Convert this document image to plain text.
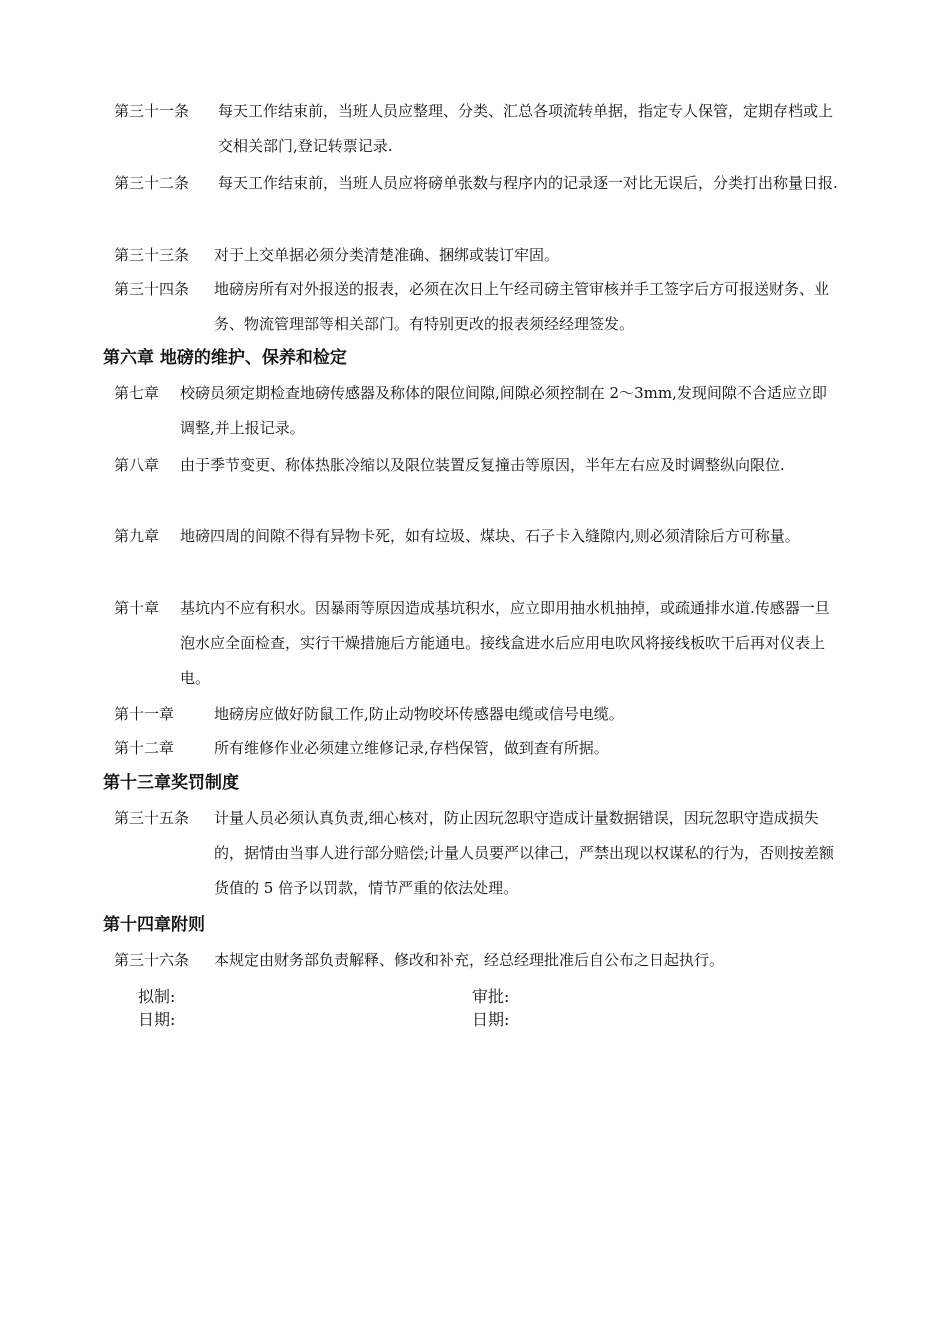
第三十一条	每天工作结束前，当班人员应整理、分类、汇总各项流转单据，指定专人保管，定期存档或上交相关部门,登记转票记录.
第三十二条	每天工作结束前，当班人员应将磅单张数与程序内的记录逐一对比无误后，分类打出称量日报.
第三十三条	对于上交单据必须分类清楚准确、捆绑或装订牢固。
第三十四条	地磅房所有对外报送的报表，必须在次日上午经司磅主管审核并手工签字后方可报送财务、业务、物流管理部等相关部门。有特别更改的报表须经经理签发。
第六章 地磅的维护、保养和检定
第七章	校磅员须定期检查地磅传感器及称体的限位间隙,间隙必须控制在 2～3mm,发现间隙不合适应立即调整,并上报记录。
第八章	由于季节变更、称体热胀冷缩以及限位装置反复撞击等原因，半年左右应及时调整纵向限位.
第九章	地磅四周的间隙不得有异物卡死，如有垃圾、煤块、石子卡入缝隙内,则必须清除后方可称量。
第十章	基坑内不应有积水。因暴雨等原因造成基坑积水，应立即用抽水机抽掉，或疏通排水道.传感器一旦泡水应全面检查，实行干燥措施后方能通电。接线盒进水后应用电吹风将接线板吹干后再对仪表上电。
第十一章	地磅房应做好防鼠工作,防止动物咬坏传感器电缆或信号电缆。
第十二章	所有维修作业必须建立维修记录,存档保管，做到查有所据。
第十三章奖罚制度
第三十五条	计量人员必须认真负责,细心核对，防止因玩忽职守造成计量数据错误，因玩忽职守造成损失的，据情由当事人进行部分赔偿;计量人员要严以律己，严禁出现以权谋私的行为，否则按差额货值的 5 倍予以罚款，情节严重的依法处理。
第十四章附则
第三十六条	本规定由财务部负责解释、修改和补充，经总经理批准后自公布之日起执行。
拟制:	审批:
日期:	日期:
